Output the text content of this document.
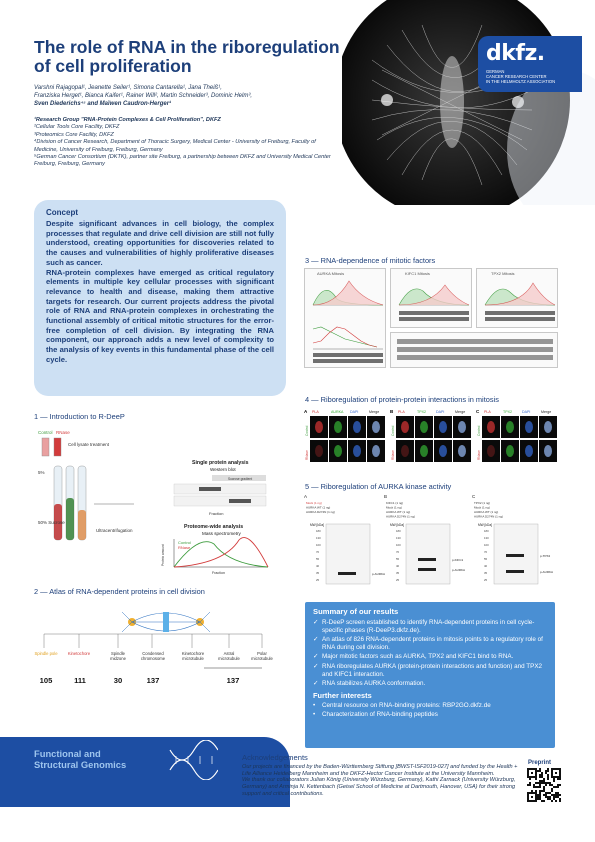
The role of RNA in the riboregulation
of cell proliferation
Varshni Rajagopal¹, Jeanette Seiler¹, Simona Cantarella¹, Jana Theiß¹,
Franziska Herget¹, Bianca Kaifer¹, Rainer Will², Martin Schneider³, Dominic Helm³,
Sven Diederichs⁴⁵ and Maïwen Caudron-Herger¹
¹Research Group "RNA-Protein Complexes & Cell Proliferation", DKFZ
²Cellular Tools Core Facility, DKFZ
³Proteomics Core Facility, DKFZ
⁴Division of Cancer Research, Department of Thoracic Surgery, Medical Center - University of Freiburg, Faculty of Medicine, University of Freiburg, Freiburg, Germany
⁵German Cancer Consortium (DKTK), partner site Freiburg, a partnership between DKFZ and University Medical Center Freiburg, Freiburg, Germany
dkfz.
GERMAN
CANCER RESEARCH CENTER
IN THE HELMHOLTZ ASSOCIATION
Concept
Despite significant advances in cell biology, the complex processes that regulate and drive cell division are still not fully understood, creating opportunities for discoveries related to the causes and vulnerabilities of highly proliferative diseases such as cancer.
RNA-protein complexes have emerged as critical regulatory elements in multiple key cellular processes with significant relevance to health and disease, making them attractive targets for research. Our current projects address the pivotal role of RNA and RNA-protein complexes in orchestrating the functional assembly of critical mitotic structures for the error-free completion of cell division. By integrating the RNA component, our approach adds a new level of complexity to the analysis of key events in this fundamental phase of the cell cycle.
1 — Introduction to R-DeeP
Control RNase
Cell lysate treatment
5%
50% Sucrose
Ultracentrifugation
Single protein analysis
Western blot
Sucrose gradient
Fraction
Proteome-wide analysis
Mass spectrometry
Control
RNase
Fraction
Protein amount
2 — Atlas of RNA-dependent proteins in cell division
Spindle pole	Kinetochore	Spindle midzone
Condensed chromosome
Kinetochore microtubule
Astral microtubule
Polar microtubule
105	111	30	137	137
3 — RNA-dependence of mitotic factors
AURKA Mitosis	KIFC1 Mitosis	TPX2 Mitosis
4 — Riboregulation of protein-protein interactions in mitosis
A PLA	AURKA DAPI	Merge
Control
RNase
B PLA	TPX2	DAPI	Merge
Control
RNase
C PLA	TPX2	DAPI	Merge
Control
RNase
5 — Riboregulation of AURKA kinase activity
A
Mock (1 ng)
AURKA WT (1 ng)
AURKA D274N (1 ng)
MW [kDa]
180
130
100
70
55
40
35
25
p-AURKA
B
KIFC1 (1 ng)
Mock (1 ng)
AURKA WT (1 ng)
AURKA D274N (1 ng)
MW [kDa]
180
130
100
70
55
40
35
25
p-KIFC1
p-AURKA
C
TPX2 (1 ng)
Mock (1 ng)
AURKA WT (1 ng)
AURKA D274N (1 ng)
MW [kDa]
180
130
100
70
55
40
35
25
p-TPX2
p-AURKA
Summary of our results
✓ R-DeeP screen established to identify RNA-dependent proteins in cell cycle-specific phases (R-DeeP3.dkfz.de).
✓ An atlas of 826 RNA-dependent proteins in mitosis points to a regulatory role of RNA during cell division.
✓ Major mitotic factors such as AURKA, TPX2 and KIFC1 bind to RNA.
✓ RNA riboregulates AURKA (protein-protein interactions and function) and TPX2 and KIFC1 interaction.
✓ RNA stabilizes AURKA conformation.
Further interests
• Central resource on RNA-binding proteins: RBP2GO.dkfz.de
• Characterization of RNA-binding peptides
Functional and
Structural Genomics
Acknowledgements
Our projects are financed by the Baden-Württemberg Stiftung [BWST-ISF2019-027] and funded by the Health + Life Alliance Heidelberg Mannheim and the DKFZ-Hector Cancer Institute at the University Mannheim.
We thank our collaborators Julian König (University Würzburg, Germany), Kathi Zarnack (University Würzburg, Germany) and Arminja N. Kettenbach (Geisel School of Medicine at Dartmouth, Hanover, USA) for their strong support and critical contributions.
Preprint
